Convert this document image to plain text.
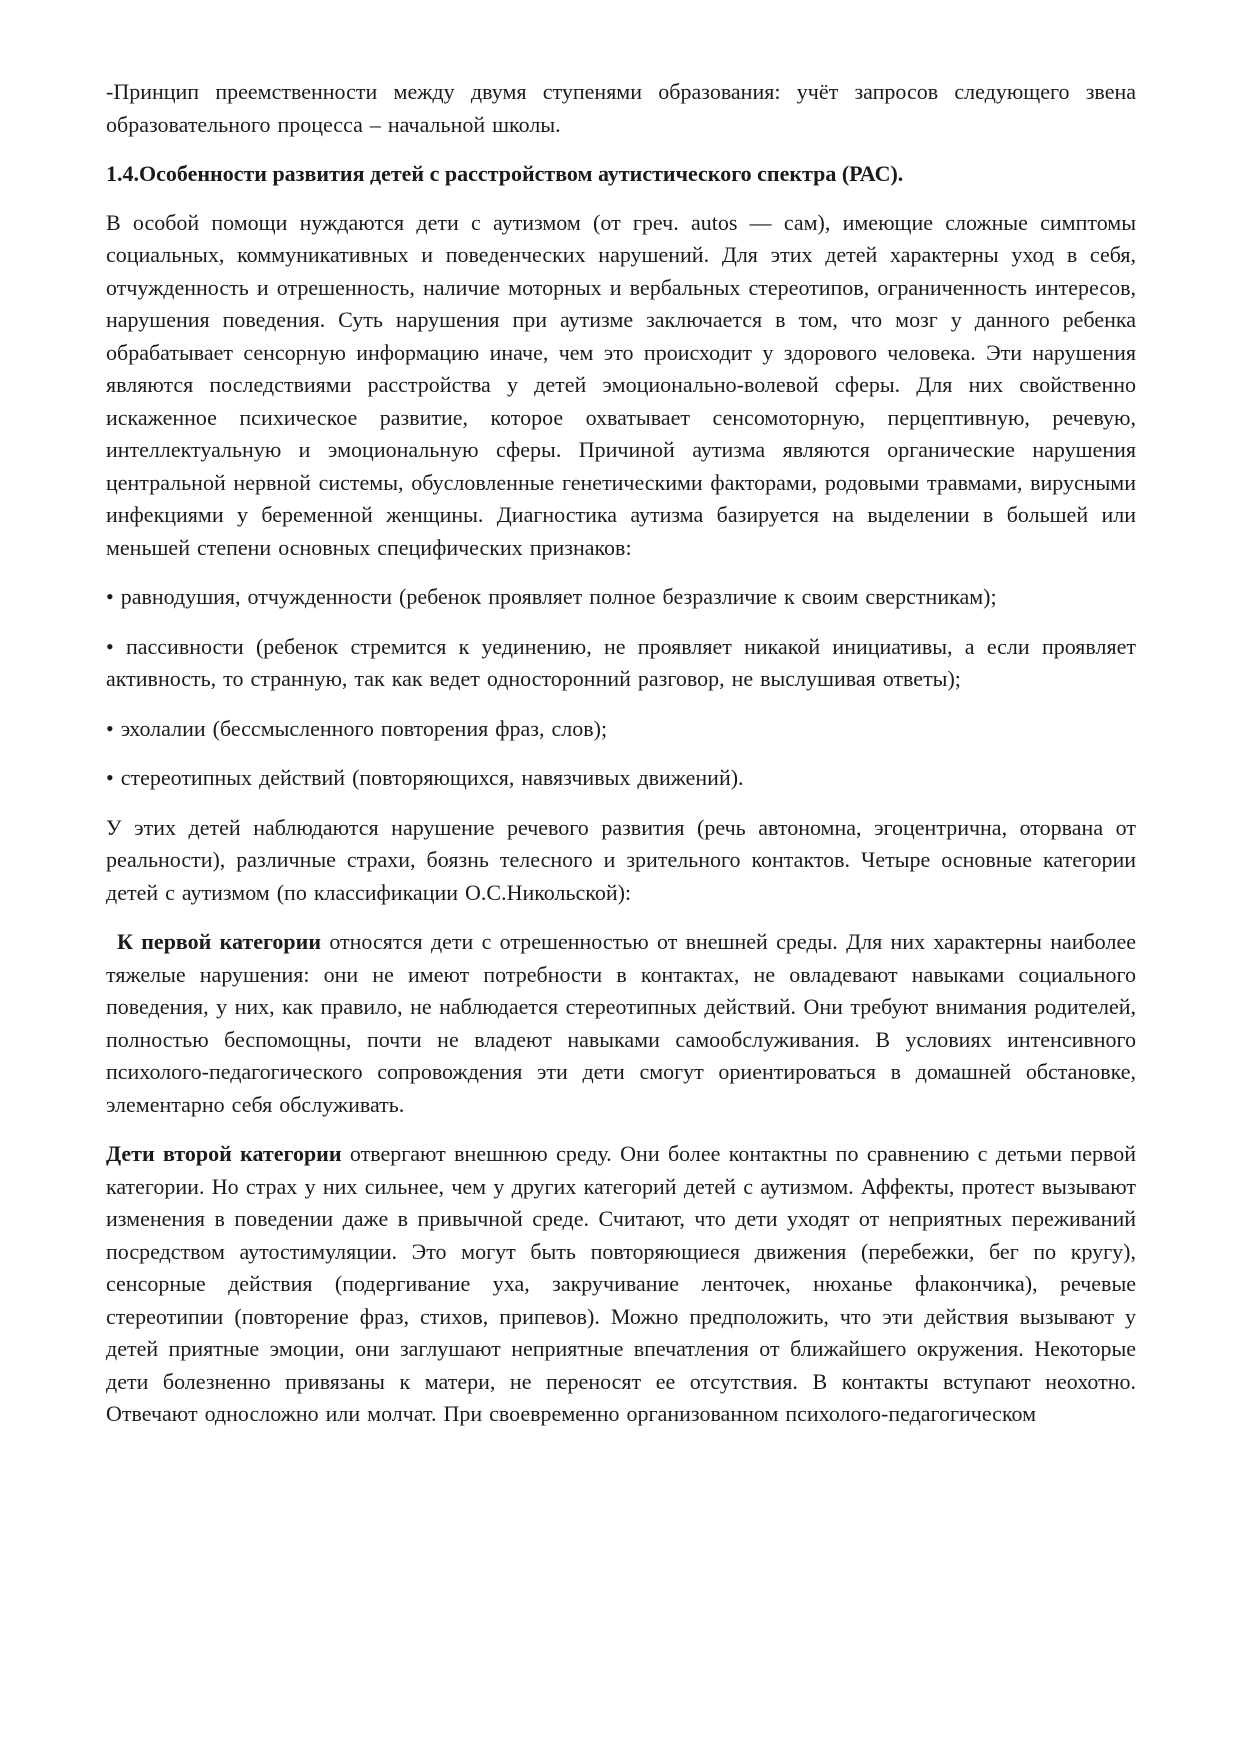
-Принцип преемственности между двумя ступенями образования: учёт запросов следующего звена образовательного процесса – начальной школы.

1.4.Особенности развития детей с расстройством аутистического спектра (РАС).

В особой помощи нуждаются дети с аутизмом (от греч. autos — сам), имеющие сложные симптомы социальных, коммуникативных и поведенческих нарушений. Для этих детей характерны уход в себя, отчужденность и отрешенность, наличие моторных и вербальных стереотипов, ограниченность интересов, нарушения поведения. Суть нарушения при аутизме заключается в том, что мозг у данного ребенка обрабатывает сенсорную информацию иначе, чем это происходит у здорового человека. Эти нарушения являются последствиями расстройства у детей эмоционально-волевой сферы. Для них свойственно искаженное психическое развитие, которое охватывает сенсомоторную, перцептивную, речевую, интеллектуальную и эмоциональную сферы. Причиной аутизма являются органические нарушения центральной нервной системы, обусловленные генетическими факторами, родовыми травмами, вирусными инфекциями у беременной женщины. Диагностика аутизма базируется на выделении в большей или меньшей степени основных специфических признаков:

• равнодушия, отчужденности (ребенок проявляет полное безразличие к своим сверстникам);

• пассивности (ребенок стремится к уединению, не проявляет никакой инициативы, а если проявляет активность, то странную, так как ведет односторонний разговор, не выслушивая ответы);

• эхолалии (бессмысленного повторения фраз, слов);

• стереотипных действий (повторяющихся, навязчивых движений).

У этих детей наблюдаются нарушение речевого развития (речь автономна, эгоцентрична, оторвана от реальности), различные страхи, боязнь телесного и зрительного контактов. Четыре основные категории детей с аутизмом (по классификации О.С.Никольской):

К первой категории относятся дети с отрешенностью от внешней среды. Для них характерны наиболее тяжелые нарушения: они не имеют потребности в контактах, не овладевают навыками социального поведения, у них, как правило, не наблюдается стереотипных действий. Они требуют внимания родителей, полностью беспомощны, почти не владеют навыками самообслуживания. В условиях интенсивного психолого-педагогического сопровождения эти дети смогут ориентироваться в домашней обстановке, элементарно себя обслуживать.

Дети второй категории отвергают внешнюю среду. Они более контактны по сравнению с детьми первой категории. Но страх у них сильнее, чем у других категорий детей с аутизмом. Аффекты, протест вызывают изменения в поведении даже в привычной среде. Считают, что дети уходят от неприятных переживаний посредством аутостимуляции. Это могут быть повторяющиеся движения (перебежки, бег по кругу), сенсорные действия (подергивание уха, закручивание ленточек, нюханье флакончика), речевые стереотипии (повторение фраз, стихов, припевов). Можно предположить, что эти действия вызывают у детей приятные эмоции, они заглушают неприятные впечатления от ближайшего окружения. Некоторые дети болезненно привязаны к матери, не переносят ее отсутствия. В контакты вступают неохотно. Отвечают односложно или молчат. При своевременно организованном психолого-педагогическом
